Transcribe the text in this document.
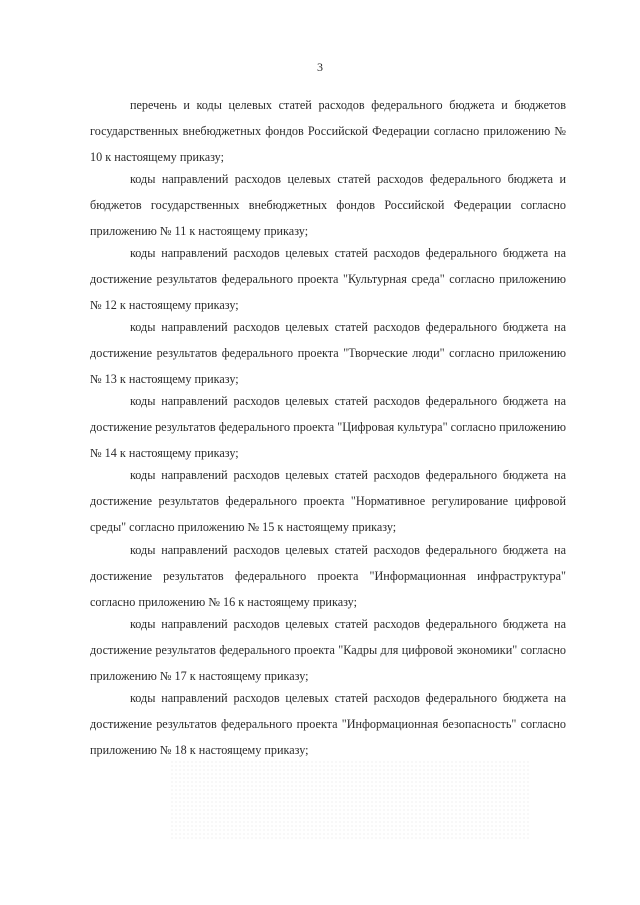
3

перечень и коды целевых статей расходов федерального бюджета и бюджетов государственных внебюджетных фондов Российской Федерации согласно приложению № 10 к настоящему приказу;

коды направлений расходов целевых статей расходов федерального бюджета и бюджетов государственных внебюджетных фондов Российской Федерации согласно приложению № 11 к настоящему приказу;

коды направлений расходов целевых статей расходов федерального бюджета на достижение результатов федерального проекта "Культурная среда" согласно приложению № 12 к настоящему приказу;

коды направлений расходов целевых статей расходов федерального бюджета на достижение результатов федерального проекта "Творческие люди" согласно приложению № 13 к настоящему приказу;

коды направлений расходов целевых статей расходов федерального бюджета на достижение результатов федерального проекта "Цифровая культура" согласно приложению № 14 к настоящему приказу;

коды направлений расходов целевых статей расходов федерального бюджета на достижение результатов федерального проекта "Нормативное регулирование цифровой среды" согласно приложению № 15 к настоящему приказу;

коды направлений расходов целевых статей расходов федерального бюджета на достижение результатов федерального проекта "Информационная инфраструктура" согласно приложению № 16 к настоящему приказу;

коды направлений расходов целевых статей расходов федерального бюджета на достижение результатов федерального проекта "Кадры для цифровой экономики" согласно приложению № 17 к настоящему приказу;

коды направлений расходов целевых статей расходов федерального бюджета на достижение результатов федерального проекта "Информационная безопасность" согласно приложению № 18 к настоящему приказу;
